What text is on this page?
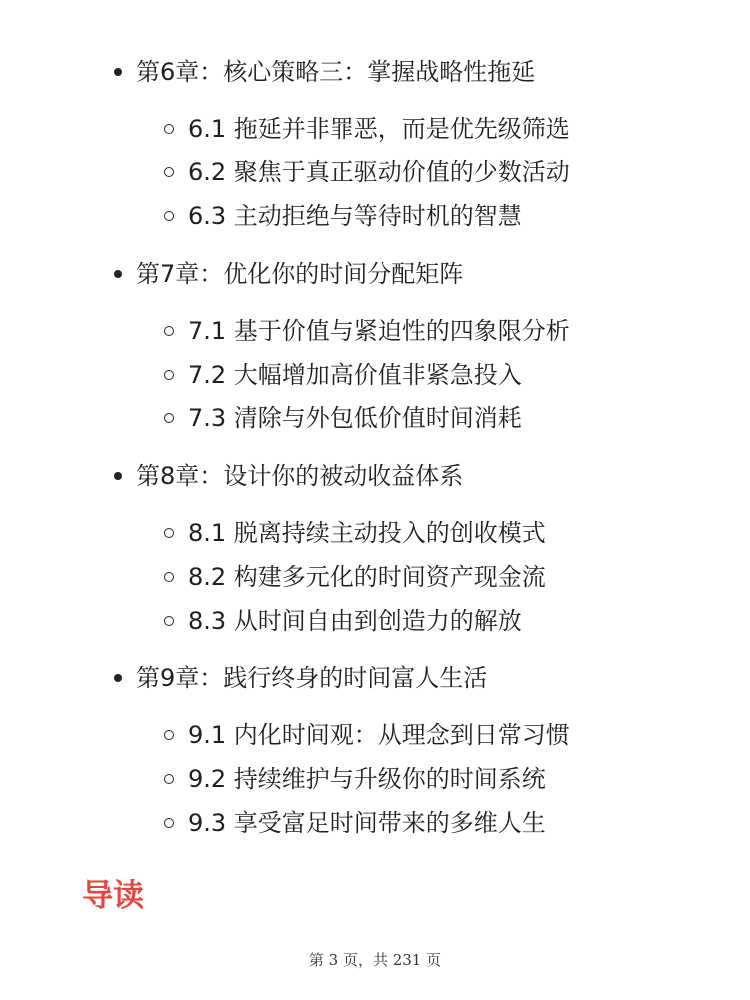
第6章：核心策略三：掌握战略性拖延
6.1 拖延并非罪恶，而是优先级筛选
6.2 聚焦于真正驱动价值的少数活动
6.3 主动拒绝与等待时机的智慧
第7章：优化你的时间分配矩阵
7.1 基于价值与紧迫性的四象限分析
7.2 大幅增加高价值非紧急投入
7.3 清除与外包低价值时间消耗
第8章：设计你的被动收益体系
8.1 脱离持续主动投入的创收模式
8.2 构建多元化的时间资产现金流
8.3 从时间自由到创造力的解放
第9章：践行终身的时间富人生活
9.1 内化时间观：从理念到日常习惯
9.2 持续维护与升级你的时间系统
9.3 享受富足时间带来的多维人生
导读
第 3 页，共 231 页
